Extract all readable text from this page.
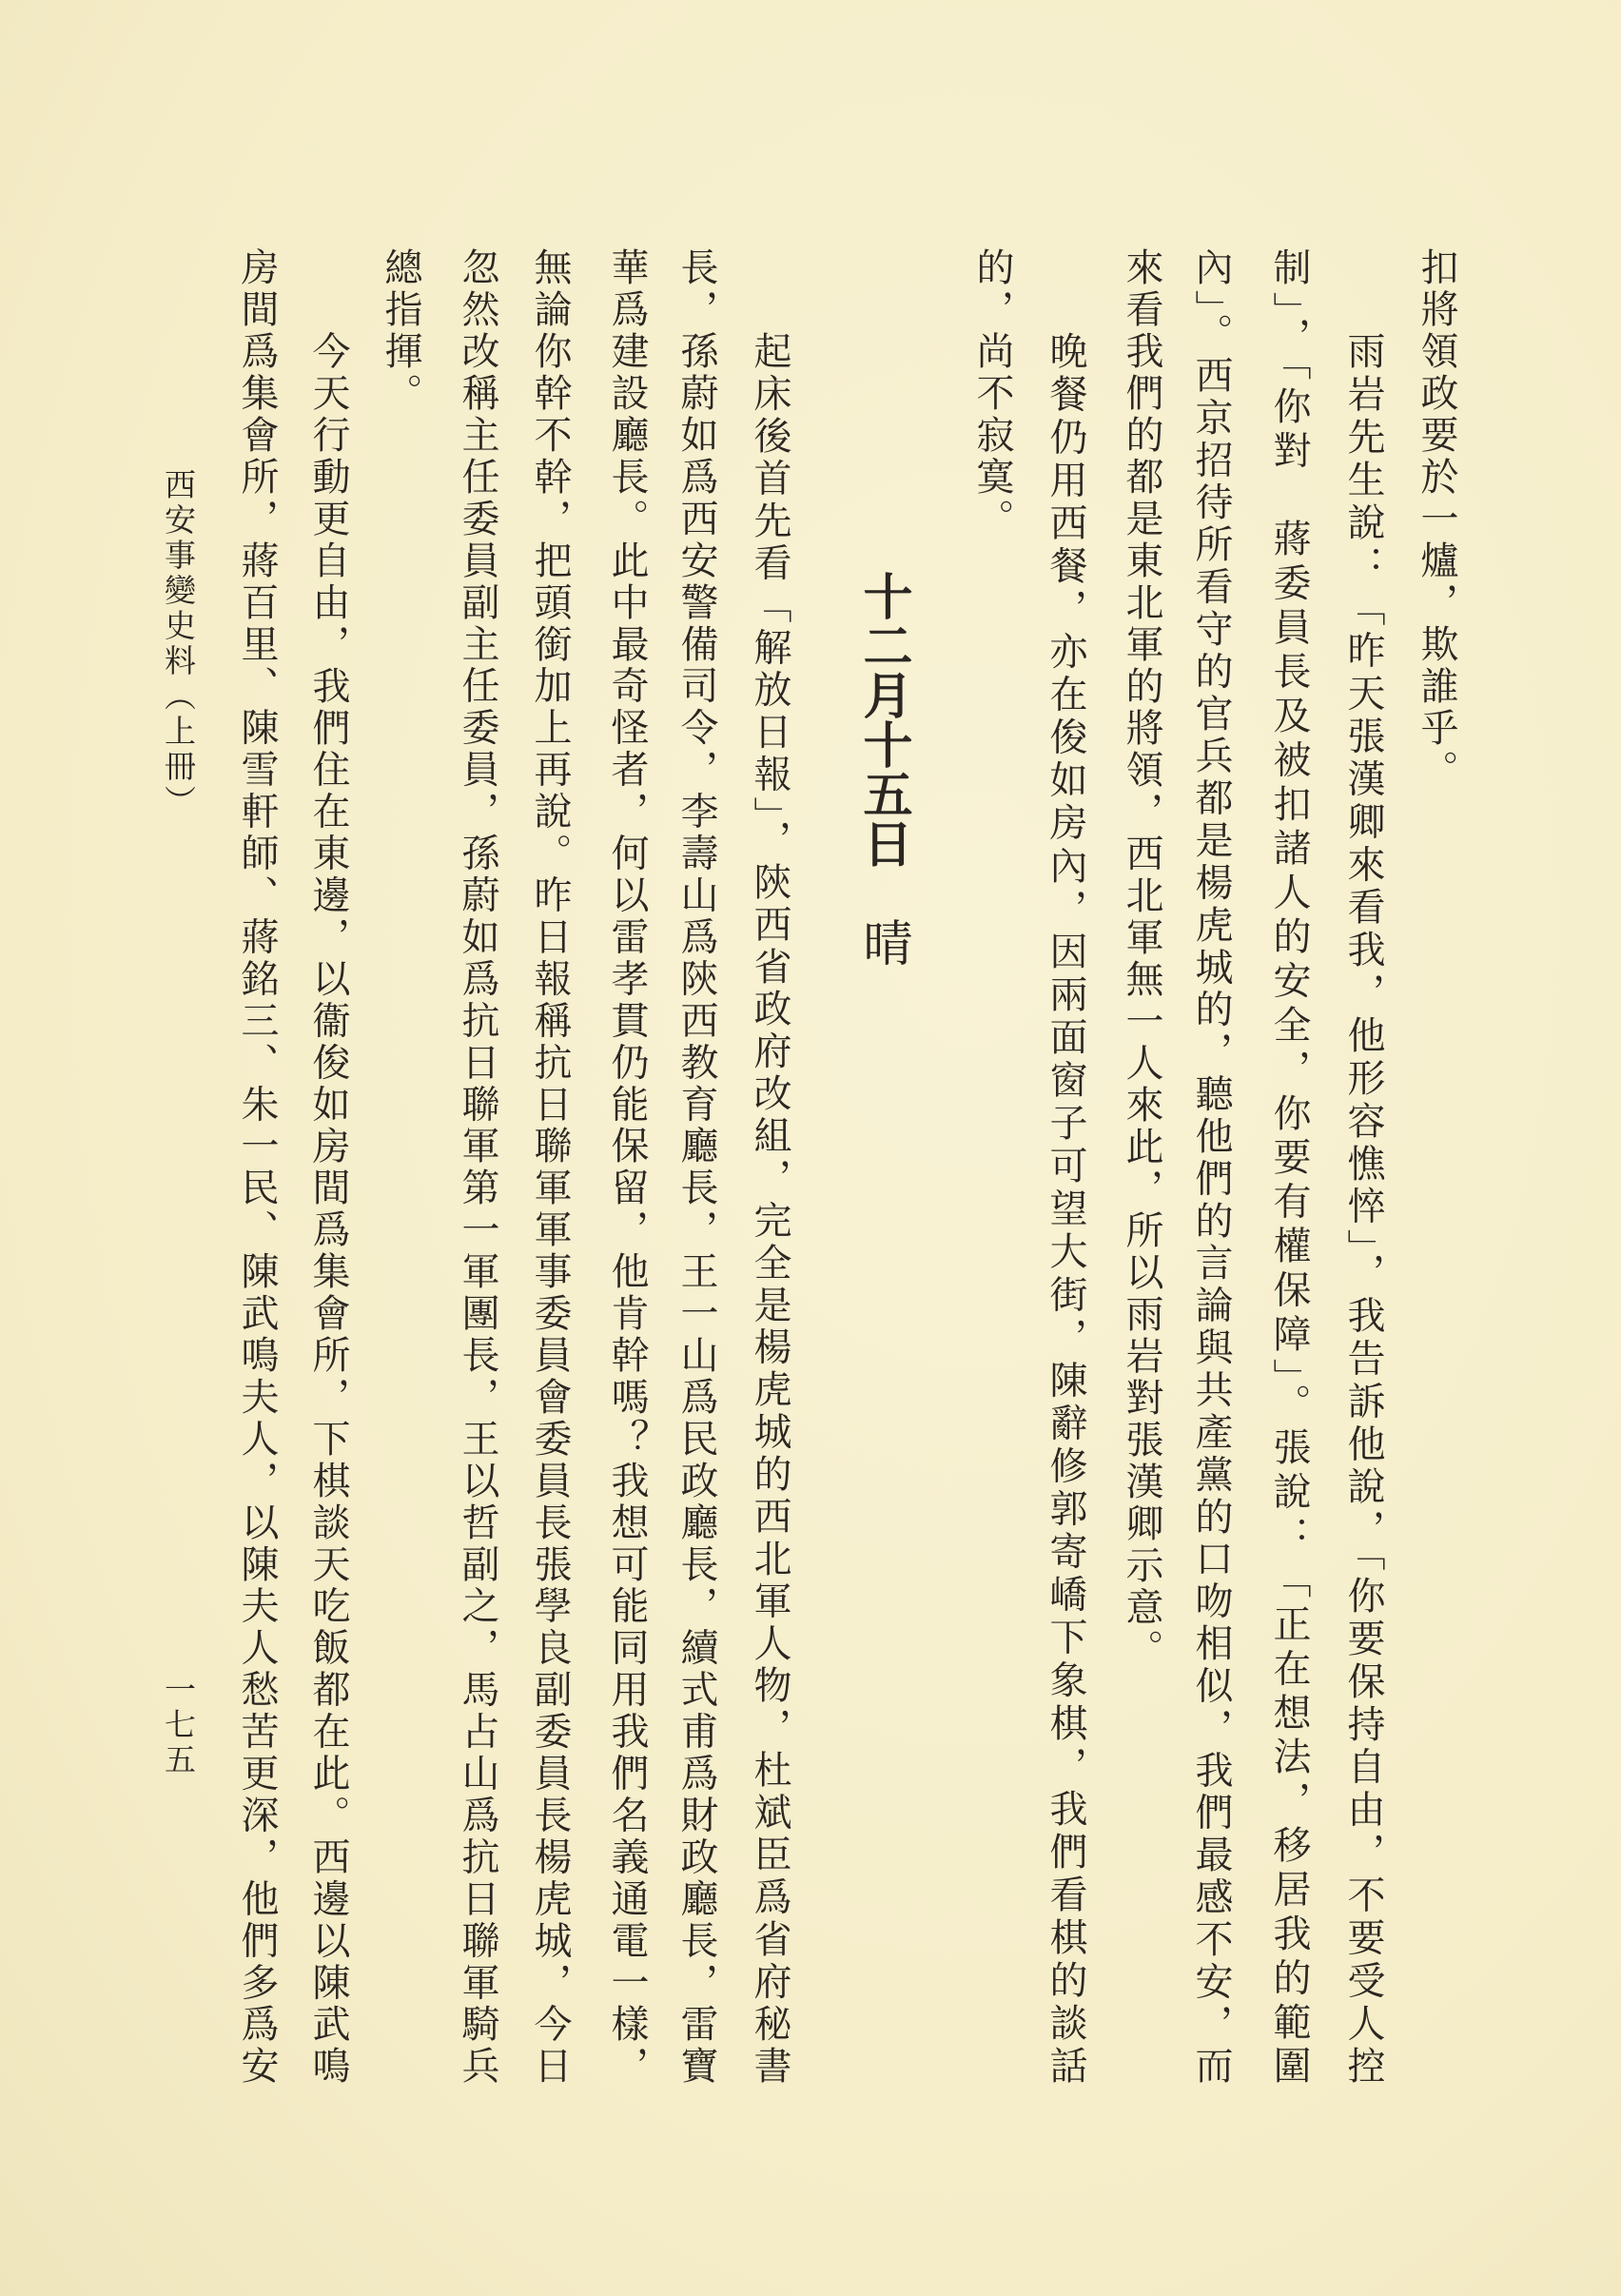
扣將領政要於一爐，欺誰乎。
雨岩先生說：「昨天張漢卿來看我，他形容憔悴」，我告訴他說，「你要保持自由，不要受人控
制」，「你對　蔣委員長及被扣諸人的安全，你要有權保障」。張說：「正在想法，移居我的範圍
內」。西京招待所看守的官兵都是楊虎城的，聽他們的言論與共產黨的口吻相似，我們最感不安，而
來看我們的都是東北軍的將領，西北軍無一人來此，所以雨岩對張漢卿示意。
晚餐仍用西餐，亦在俊如房內，因兩面窗子可望大街，陳辭修郭寄嶠下象棋，我們看棋的談話
的，尚不寂寞。
十二月十五日晴
起床後首先看「解放日報」，陝西省政府改組，完全是楊虎城的西北軍人物，杜斌臣爲省府秘書
長，孫蔚如爲西安警備司令，李壽山爲陝西教育廳長，王一山爲民政廳長，續式甫爲財政廳長，雷寶
華爲建設廳長。此中最奇怪者，何以雷孝貫仍能保留，他肯幹嗎？我想可能同用我們名義通電一樣，
無論你幹不幹，把頭銜加上再說。昨日報稱抗日聯軍軍事委員會委員長張學良副委員長楊虎城，今日
忽然改稱主任委員副主任委員，孫蔚如爲抗日聯軍第一軍團長，王以哲副之，馬占山爲抗日聯軍騎兵
總指揮。
今天行動更自由，我們住在東邊，以衞俊如房間爲集會所，下棋談天吃飯都在此。西邊以陳武鳴
房間爲集會所，蔣百里、陳雪軒師、蔣銘三、朱一民、陳武鳴夫人，以陳夫人愁苦更深，他們多爲安
西安事變史料（上冊）
一七五
